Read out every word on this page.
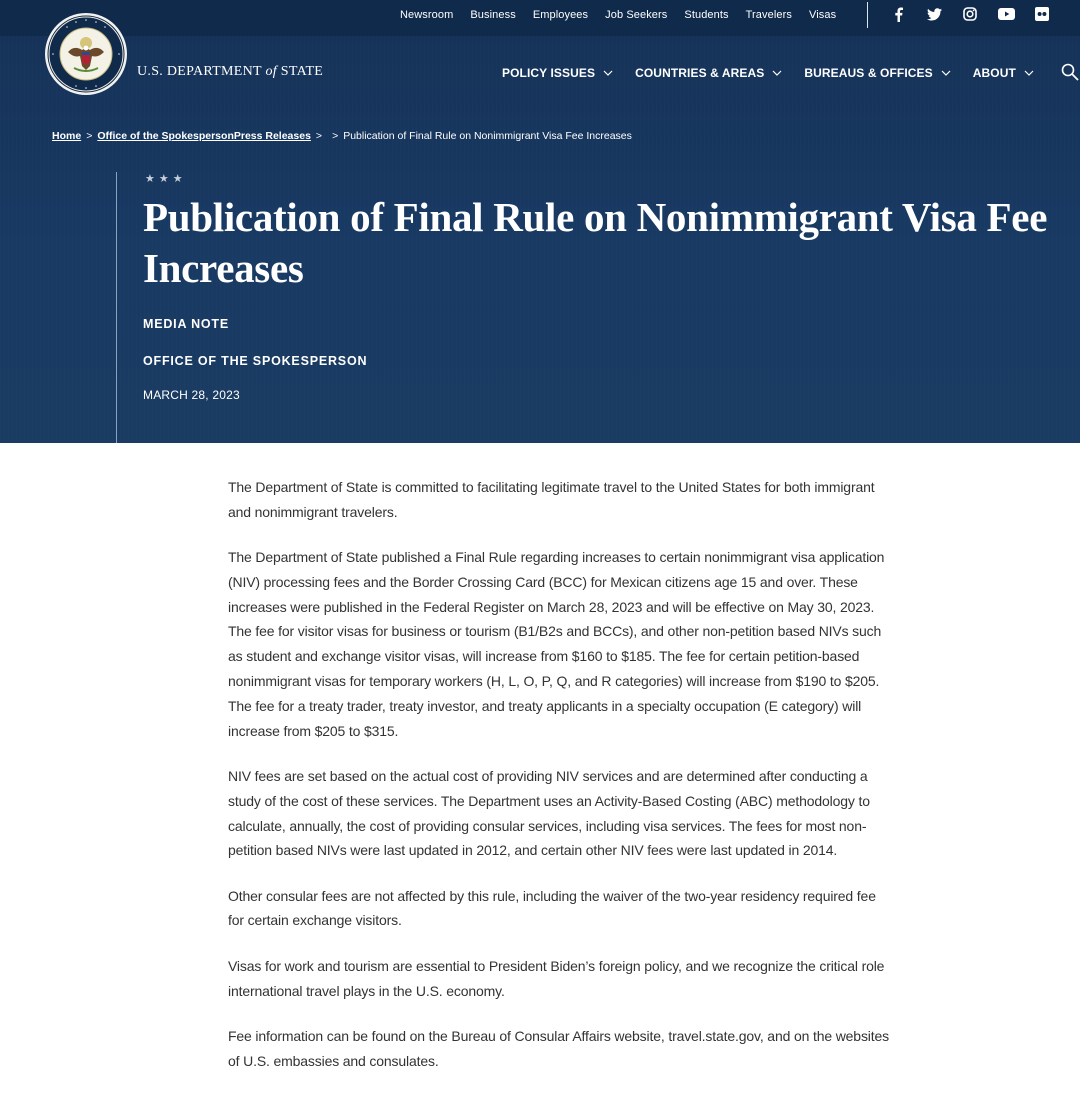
Newsroom Business Employees Job Seekers Students Travelers Visas
U.S. DEPARTMENT of STATE	POLICY ISSUES	COUNTRIES & AREAS	BUREAUS & OFFICES	ABOUT
Home > Office of the SpokespersonPress Releases > > Publication of Final Rule on Nonimmigrant Visa Fee Increases
★★★
Publication of Final Rule on Nonimmigrant Visa Fee Increases
MEDIA NOTE
OFFICE OF THE SPOKESPERSON
MARCH 28, 2023

The Department of State is committed to facilitating legitimate travel to the United States for both immigrant and nonimmigrant travelers.

The Department of State published a Final Rule regarding increases to certain nonimmigrant visa application (NIV) processing fees and the Border Crossing Card (BCC) for Mexican citizens age 15 and over. These increases were published in the Federal Register on March 28, 2023 and will be effective on May 30, 2023. The fee for visitor visas for business or tourism (B1/B2s and BCCs), and other non-petition based NIVs such as student and exchange visitor visas, will increase from $160 to $185. The fee for certain petition-based nonimmigrant visas for temporary workers (H, L, O, P, Q, and R categories) will increase from $190 to $205. The fee for a treaty trader, treaty investor, and treaty applicants in a specialty occupation (E category) will increase from $205 to $315.

NIV fees are set based on the actual cost of providing NIV services and are determined after conducting a study of the cost of these services. The Department uses an Activity-Based Costing (ABC) methodology to calculate, annually, the cost of providing consular services, including visa services. The fees for most non-petition based NIVs were last updated in 2012, and certain other NIV fees were last updated in 2014.

Other consular fees are not affected by this rule, including the waiver of the two-year residency required fee for certain exchange visitors.

Visas for work and tourism are essential to President Biden’s foreign policy, and we recognize the critical role international travel plays in the U.S. economy.

Fee information can be found on the Bureau of Consular Affairs website, travel.state.gov, and on the websites of U.S. embassies and consulates.
